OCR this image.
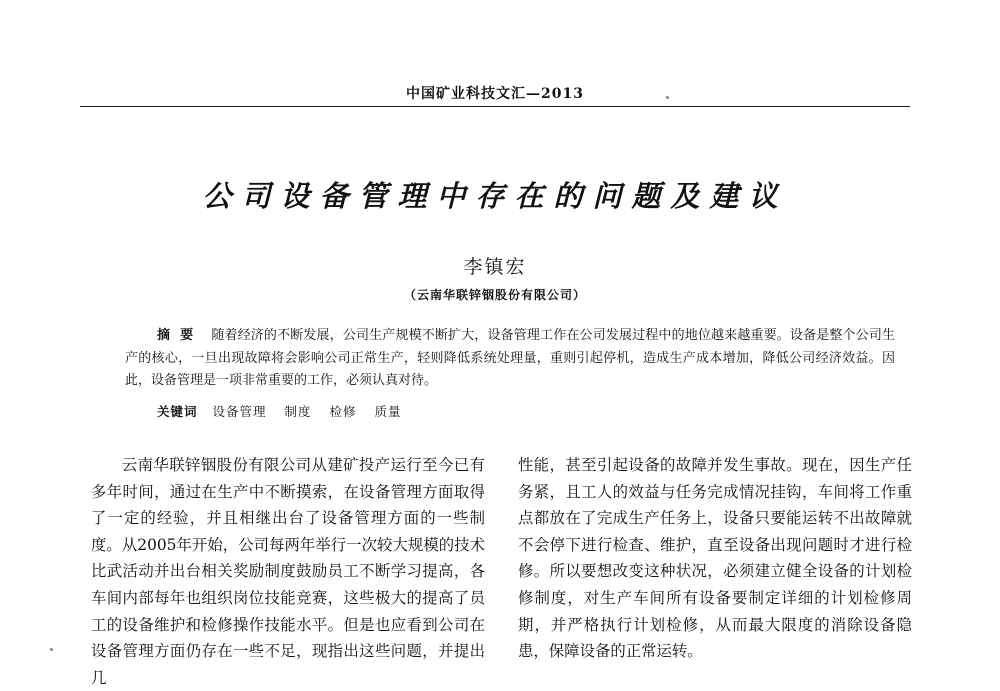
中国矿业科技文汇—2013
公司设备管理中存在的问题及建议
李镇宏
（云南华联锌铟股份有限公司）
摘要 随着经济的不断发展，公司生产规模不断扩大，设备管理工作在公司发展过程中的地位越来越重要。设备是整个公司生产的核心，一旦出现故障将会影响公司正常生产，轻则降低系统处理量，重则引起停机，造成生产成本增加，降低公司经济效益。因此，设备管理是一项非常重要的工作，必须认真对待。
关键词 设备管理 制度 检修 质量
云南华联锌铟股份有限公司从建矿投产运行至今已有多年时间，通过在生产中不断摸索，在设备管理方面取得了一定的经验，并且相继出台了设备管理方面的一些制度。从2005年开始，公司每两年举行一次较大规模的技术比武活动并出台相关奖励制度鼓励员工不断学习提高，各车间内部每年也组织岗位技能竞赛，这些极大的提高了员工的设备维护和检修操作技能水平。但是也应看到公司在设备管理方面仍存在一些不足，现指出这些问题，并提出几
性能，甚至引起设备的故障并发生事故。现在，因生产任务紧，且工人的效益与任务完成情况挂钩，车间将工作重点都放在了完成生产任务上，设备只要能运转不出故障就不会停下进行检查、维护，直至设备出现问题时才进行检修。所以要想改变这种状况，必须建立健全设备的计划检修制度，对生产车间所有设备要制定详细的计划检修周期，并严格执行计划检修，从而最大限度的消除设备隐患，保障设备的正常运转。
